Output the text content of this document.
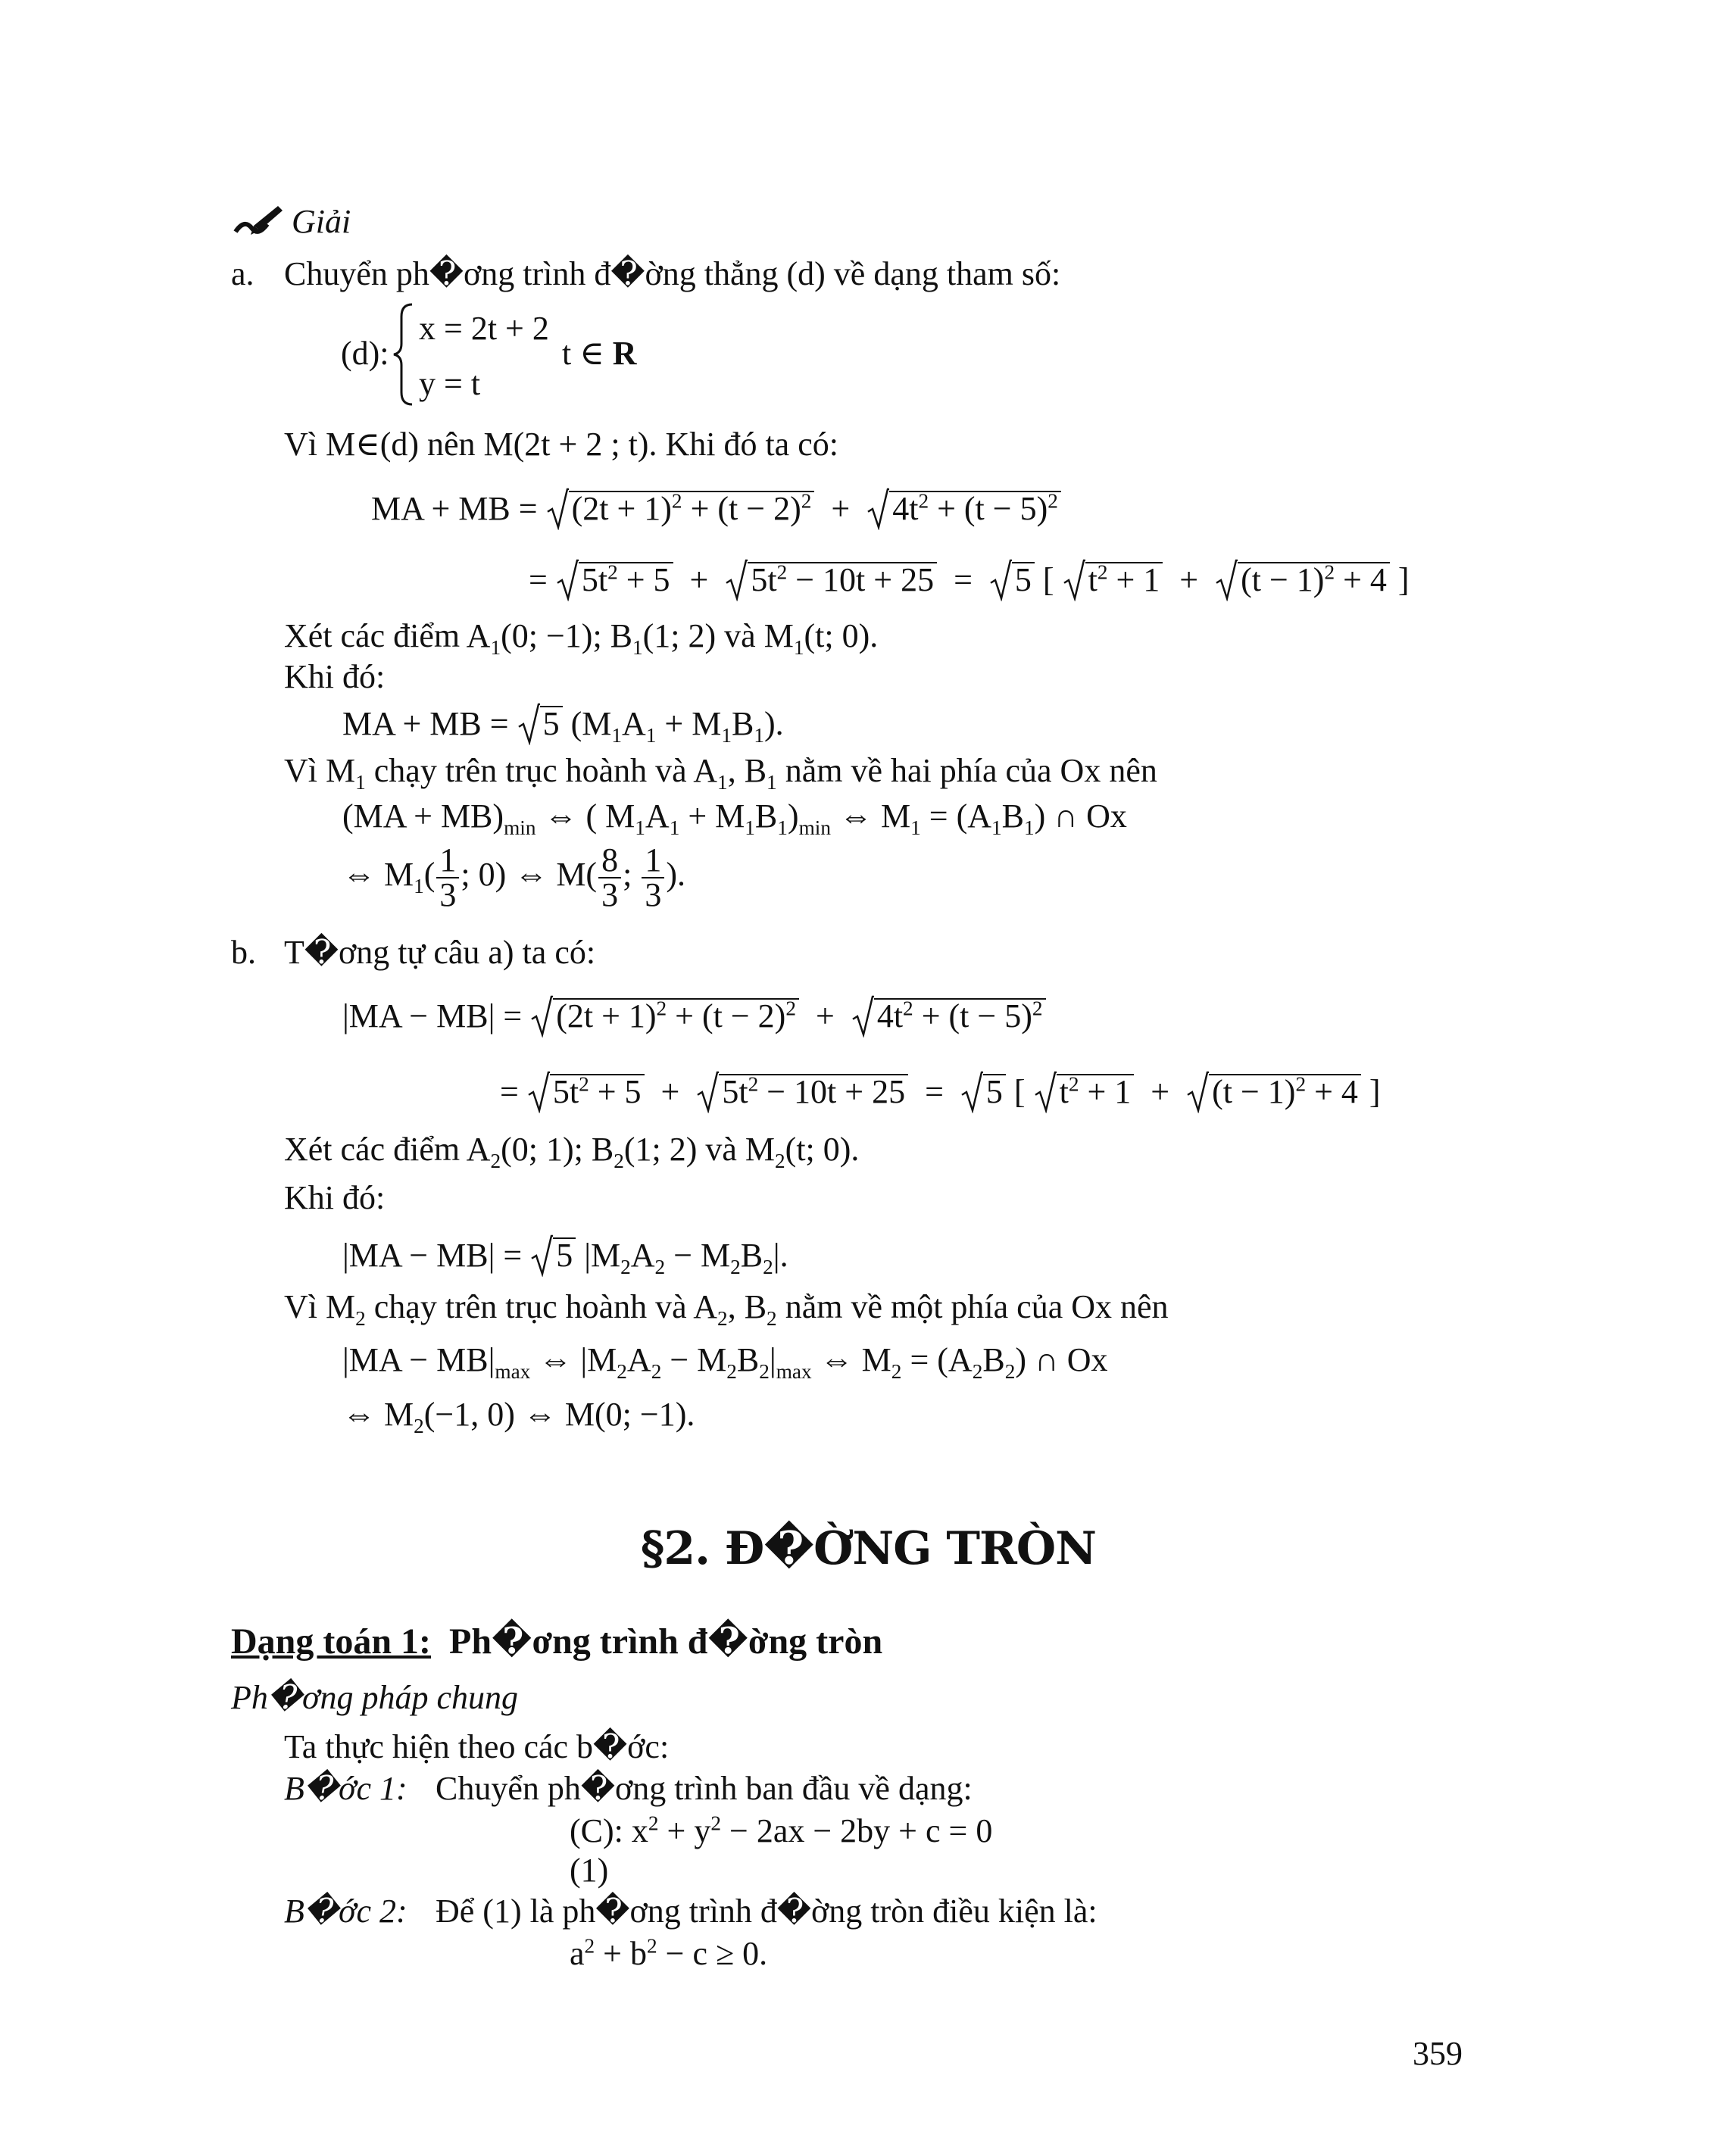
Giải
a. Chuyển ph�ơng trình đ�ờng thẳng (d) về dạng tham số:
(d):
x = 2t + 2
y = t
t ∈ R
Vì M∈(d) nên M(2t + 2 ; t). Khi đó ta có:
MA + MB = $(2t + 1)^2 + (t - 2)^2 + 4t^2 + (t - 5)^2$
= $5t^2 + 5$  +
$5t^2 - 10t + 25 = 5$ [ $t^2 + 1$  +
$(t - 1)^2 + 4$ ]
Xét các điểm $A_1(0$; −1); $B_1(1$; 2) và $M_1(t$; 0).
Khi đó:
MA + MB = 5 $(M_1A_1 + M_1B_1)$.
Vì $M_1$ chạy trên trục hoành và $A_1$, $B_1$ nằm về hai phía của Ox nên
$(MA + MB)_{min}$ ⇔ ( $M_1A_1 + M_1B_1)_{min}$ ⇔ $M_1 = (A_1B_1)$ ∩ Ox
⇔ $M_1( \frac{1}{3}$ ; 0) ⇔ $M( \frac{8}{3}$ ; $\frac{1}{3}$ ).
b. T�ơng tự câu a) ta có:
$|MA - MB| = (2t + 1)^2 + (t - 2)^2 + 4t^2 + (t - 5)^2$
= $5t^2 + 5$  +
$5t^2 - 10t + 25 = 5$ [ $t^2 + 1$  +
$(t - 1)^2 + 4$ ]
Xét các điểm $A_2(0$; 1); $B_2(1$; 2) và $M_2(t$; 0).
Khi đó:
|MA − MB| = 5 $|M_2A_2 - M_2B_2|$.
Vì $M_2$ chạy trên trục hoành và $A_2$, $B_2$ nằm về một phía của Ox nên
$|MA - MB|_{max}$ ⇔ $|M_2A_2 - M_2B_2|_{max}$ ⇔ $M_2 = (A_2B_2)$ ∩ Ox
⇔ $M_2(-1$, 0) ⇔ M(0; −1).
§2. Đ�ỜNG TRÒN
Dạng toán 1: Ph�ơng trình đ�ờng tròn
Ph�ơng pháp chung
Ta thực hiện theo các b�ớc:
B�ớc 1: Chuyển ph�ơng trình ban đầu về dạng:
(C): $x^2 + y^2 - 2ax - 2by + c = 0$
(1)
B�ớc 2: Để (1) là ph�ơng trình đ�ờng tròn điều kiện là:
$a^2 + b^2 - c \ge 0$.
359
